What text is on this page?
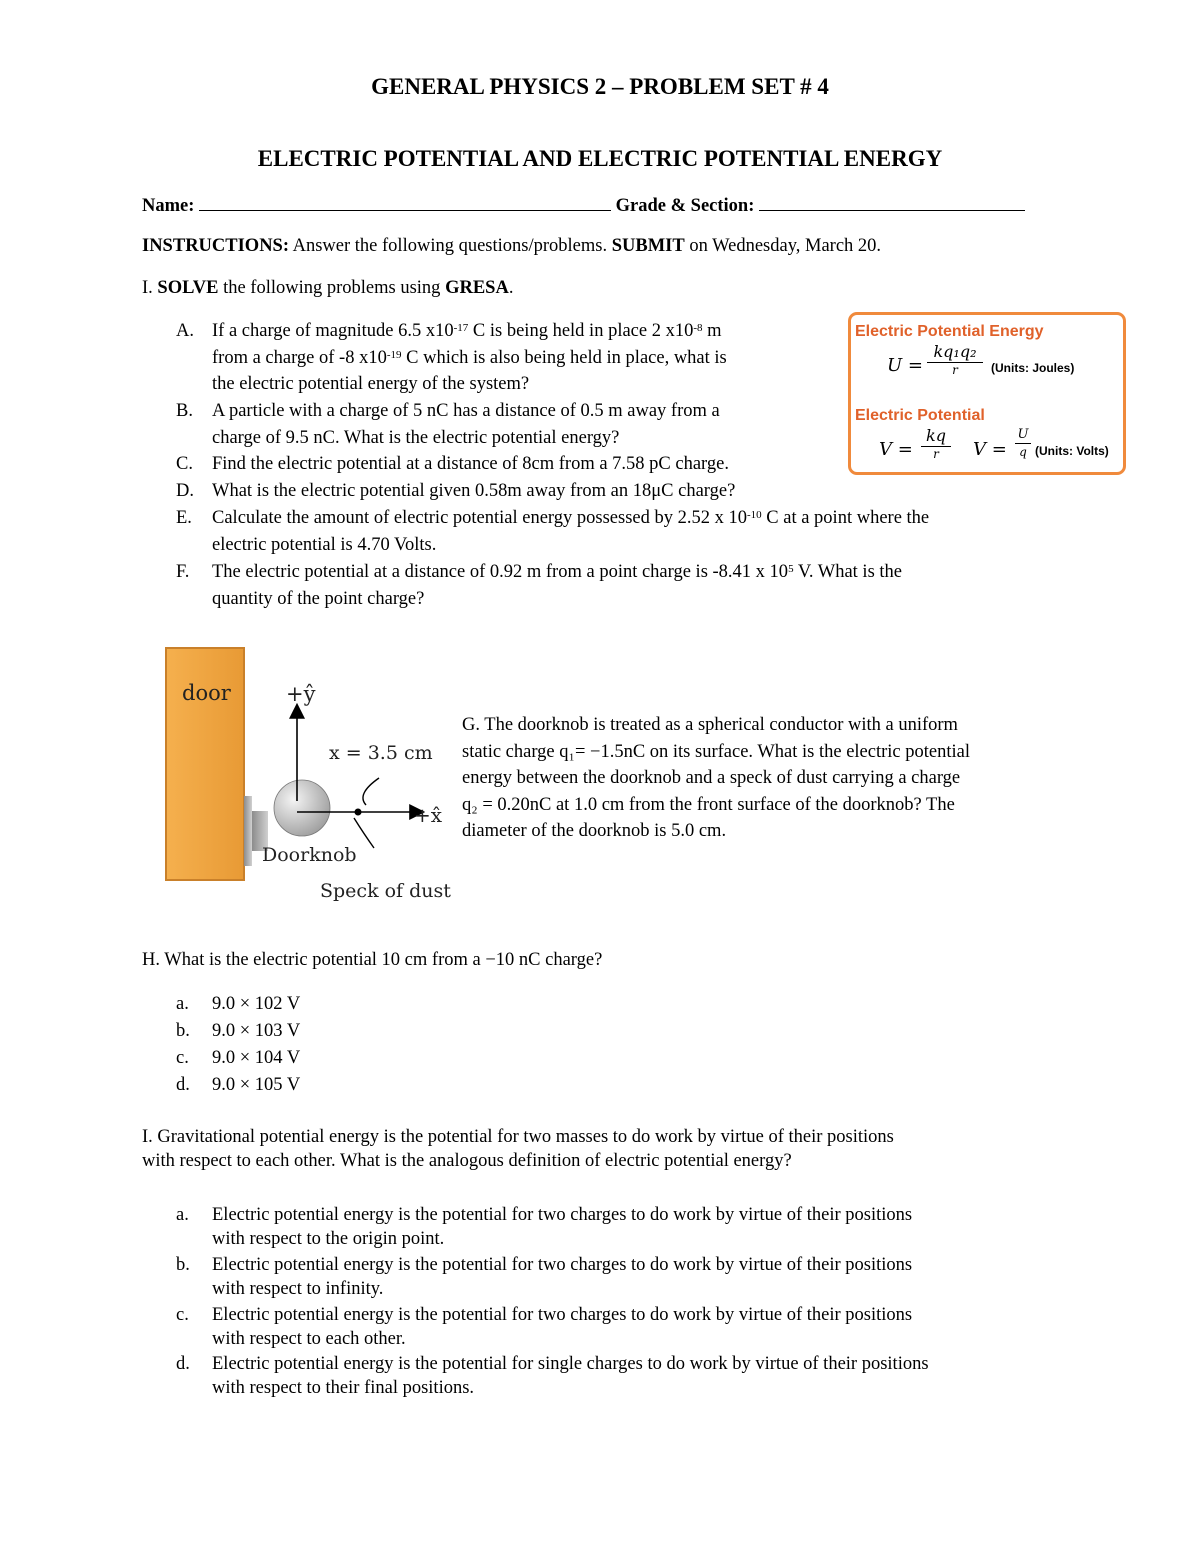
GENERAL PHYSICS 2 – PROBLEM SET # 4
ELECTRIC POTENTIAL AND ELECTRIC POTENTIAL ENERGY
Name:	Grade & Section:
INSTRUCTIONS: Answer the following questions/problems. SUBMIT on Wednesday, March 20.
I. SOLVE the following problems using GRESA.
A. If a charge of magnitude 6.5 $x10^{-17}$ C is being held in place 2 $x10^{-8}$ m
from a charge of -8 $x10^{-19}$ C which is also being held in place, what is
the electric potential energy of the system?
B. A particle with a charge of 5 nC has a distance of 0.5 m away from a
charge of 9.5 nC. What is the electric potential energy?
C. Find the electric potential at a distance of 8cm from a 7.58 pC charge.
D. What is the electric potential given 0.58m away from an 18μC charge?
E. Calculate the amount of electric potential energy possessed by 2.52 x $10^{-10}$ C at a point where the
electric potential is 4.70 Volts.
F. The electric potential at a distance of 0.92 m from a point charge is -8.41 x $10^5$ V. What is the
quantity of the point charge?
Electric Potential Energy
U =
kq₁q₂
r	(Units: Joules)
Electric Potential
V =
kq
r	$V = \frac{U}{q}$ (Units: Volts)
door	+ŷ
x = 3.5 cm
+x̂
Doorknob
Speck of dust
G. The doorknob is treated as a spherical conductor with a uniform
static charge q₁= −1.5nC on its surface. What is the electric potential
energy between the doorknob and a speck of dust carrying a charge
q₂ = 0.20nC at 1.0 cm from the front surface of the doorknob? The
diameter of the doorknob is 5.0 cm.
H. What is the electric potential 10 cm from a −10 nC charge?
a. 9.0 × 102 V
b. 9.0 × 103 V
c. 9.0 × 104 V
d. 9.0 × 105 V
I. Gravitational potential energy is the potential for two masses to do work by virtue of their positions
with respect to each other. What is the analogous definition of electric potential energy?
a. Electric potential energy is the potential for two charges to do work by virtue of their positions
with respect to the origin point.
b. Electric potential energy is the potential for two charges to do work by virtue of their positions
with respect to infinity.
c. Electric potential energy is the potential for two charges to do work by virtue of their positions
with respect to each other.
d. Electric potential energy is the potential for single charges to do work by virtue of their positions
with respect to their final positions.
